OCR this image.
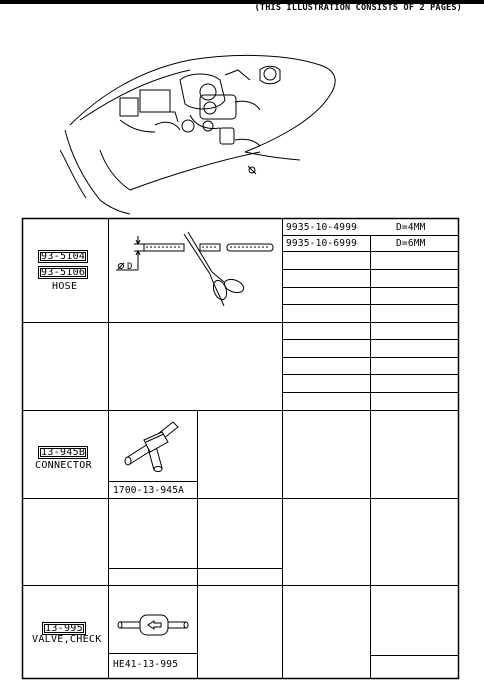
(THIS ILLUSTRATION CONSISTS OF 2 PAGES)
93-5104
93-5106
HOSE
D
9935-10-4999	D=4MM
9935-10-6999	D=6MM
13-945B
CONNECTOR
1700-13-945A
13-995
VALVE,CHECK
HE41-13-995
